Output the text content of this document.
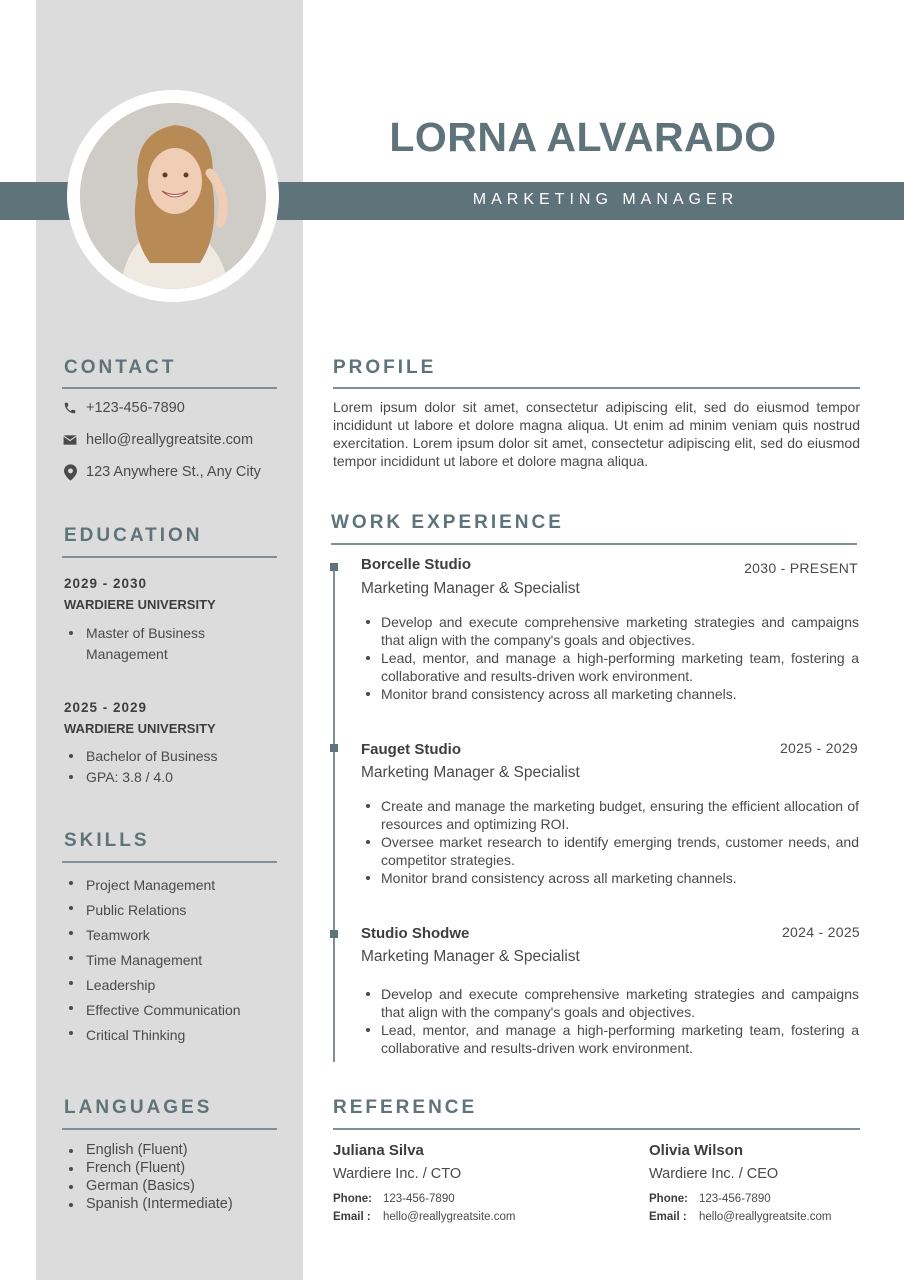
MARKETING MANAGER
LORNA ALVARADO
CONTACT
+123-456-7890
hello@reallygreatsite.com
123 Anywhere St., Any City
EDUCATION
2029 - 2030
WARDIERE UNIVERSITY
Master of Business
Management
2025 - 2029
WARDIERE UNIVERSITY
Bachelor of Business
GPA: 3.8 / 4.0
SKILLS
Project Management
Public Relations
Teamwork
Time Management
Leadership
Effective Communication
Critical Thinking
LANGUAGES
English (Fluent)
French (Fluent)
German (Basics)
Spanish (Intermediate)
PROFILE
Lorem ipsum dolor sit amet, consectetur adipiscing elit, sed do eiusmod tempor incididunt ut labore et dolore magna aliqua. Ut enim ad minim veniam quis nostrud exercitation. Lorem ipsum dolor sit amet, consectetur adipiscing elit, sed do eiusmod tempor incididunt ut labore et dolore magna aliqua.
WORK EXPERIENCE
Borcelle Studio	2030 - PRESENT
Marketing Manager & Specialist
Develop and execute comprehensive marketing strategies and campaigns that align with the company's goals and objectives.
Lead, mentor, and manage a high-performing marketing team, fostering a collaborative and results-driven work environment.
Monitor brand consistency across all marketing channels.
Fauget Studio	2025 - 2029
Marketing Manager & Specialist
Create and manage the marketing budget, ensuring the efficient allocation of resources and optimizing ROI.
Oversee market research to identify emerging trends, customer needs, and competitor strategies.
Monitor brand consistency across all marketing channels.
Studio Shodwe	2024 - 2025
Marketing Manager & Specialist
Develop and execute comprehensive marketing strategies and campaigns that align with the company's goals and objectives.
Lead, mentor, and manage a high-performing marketing team, fostering a collaborative and results-driven work environment.
REFERENCE
Juliana Silva
Wardiere Inc. / CTO
Phone: 123-456-7890
Email : hello@reallygreatsite.com
Olivia Wilson
Wardiere Inc. / CEO
Phone: 123-456-7890
Email : hello@reallygreatsite.com
